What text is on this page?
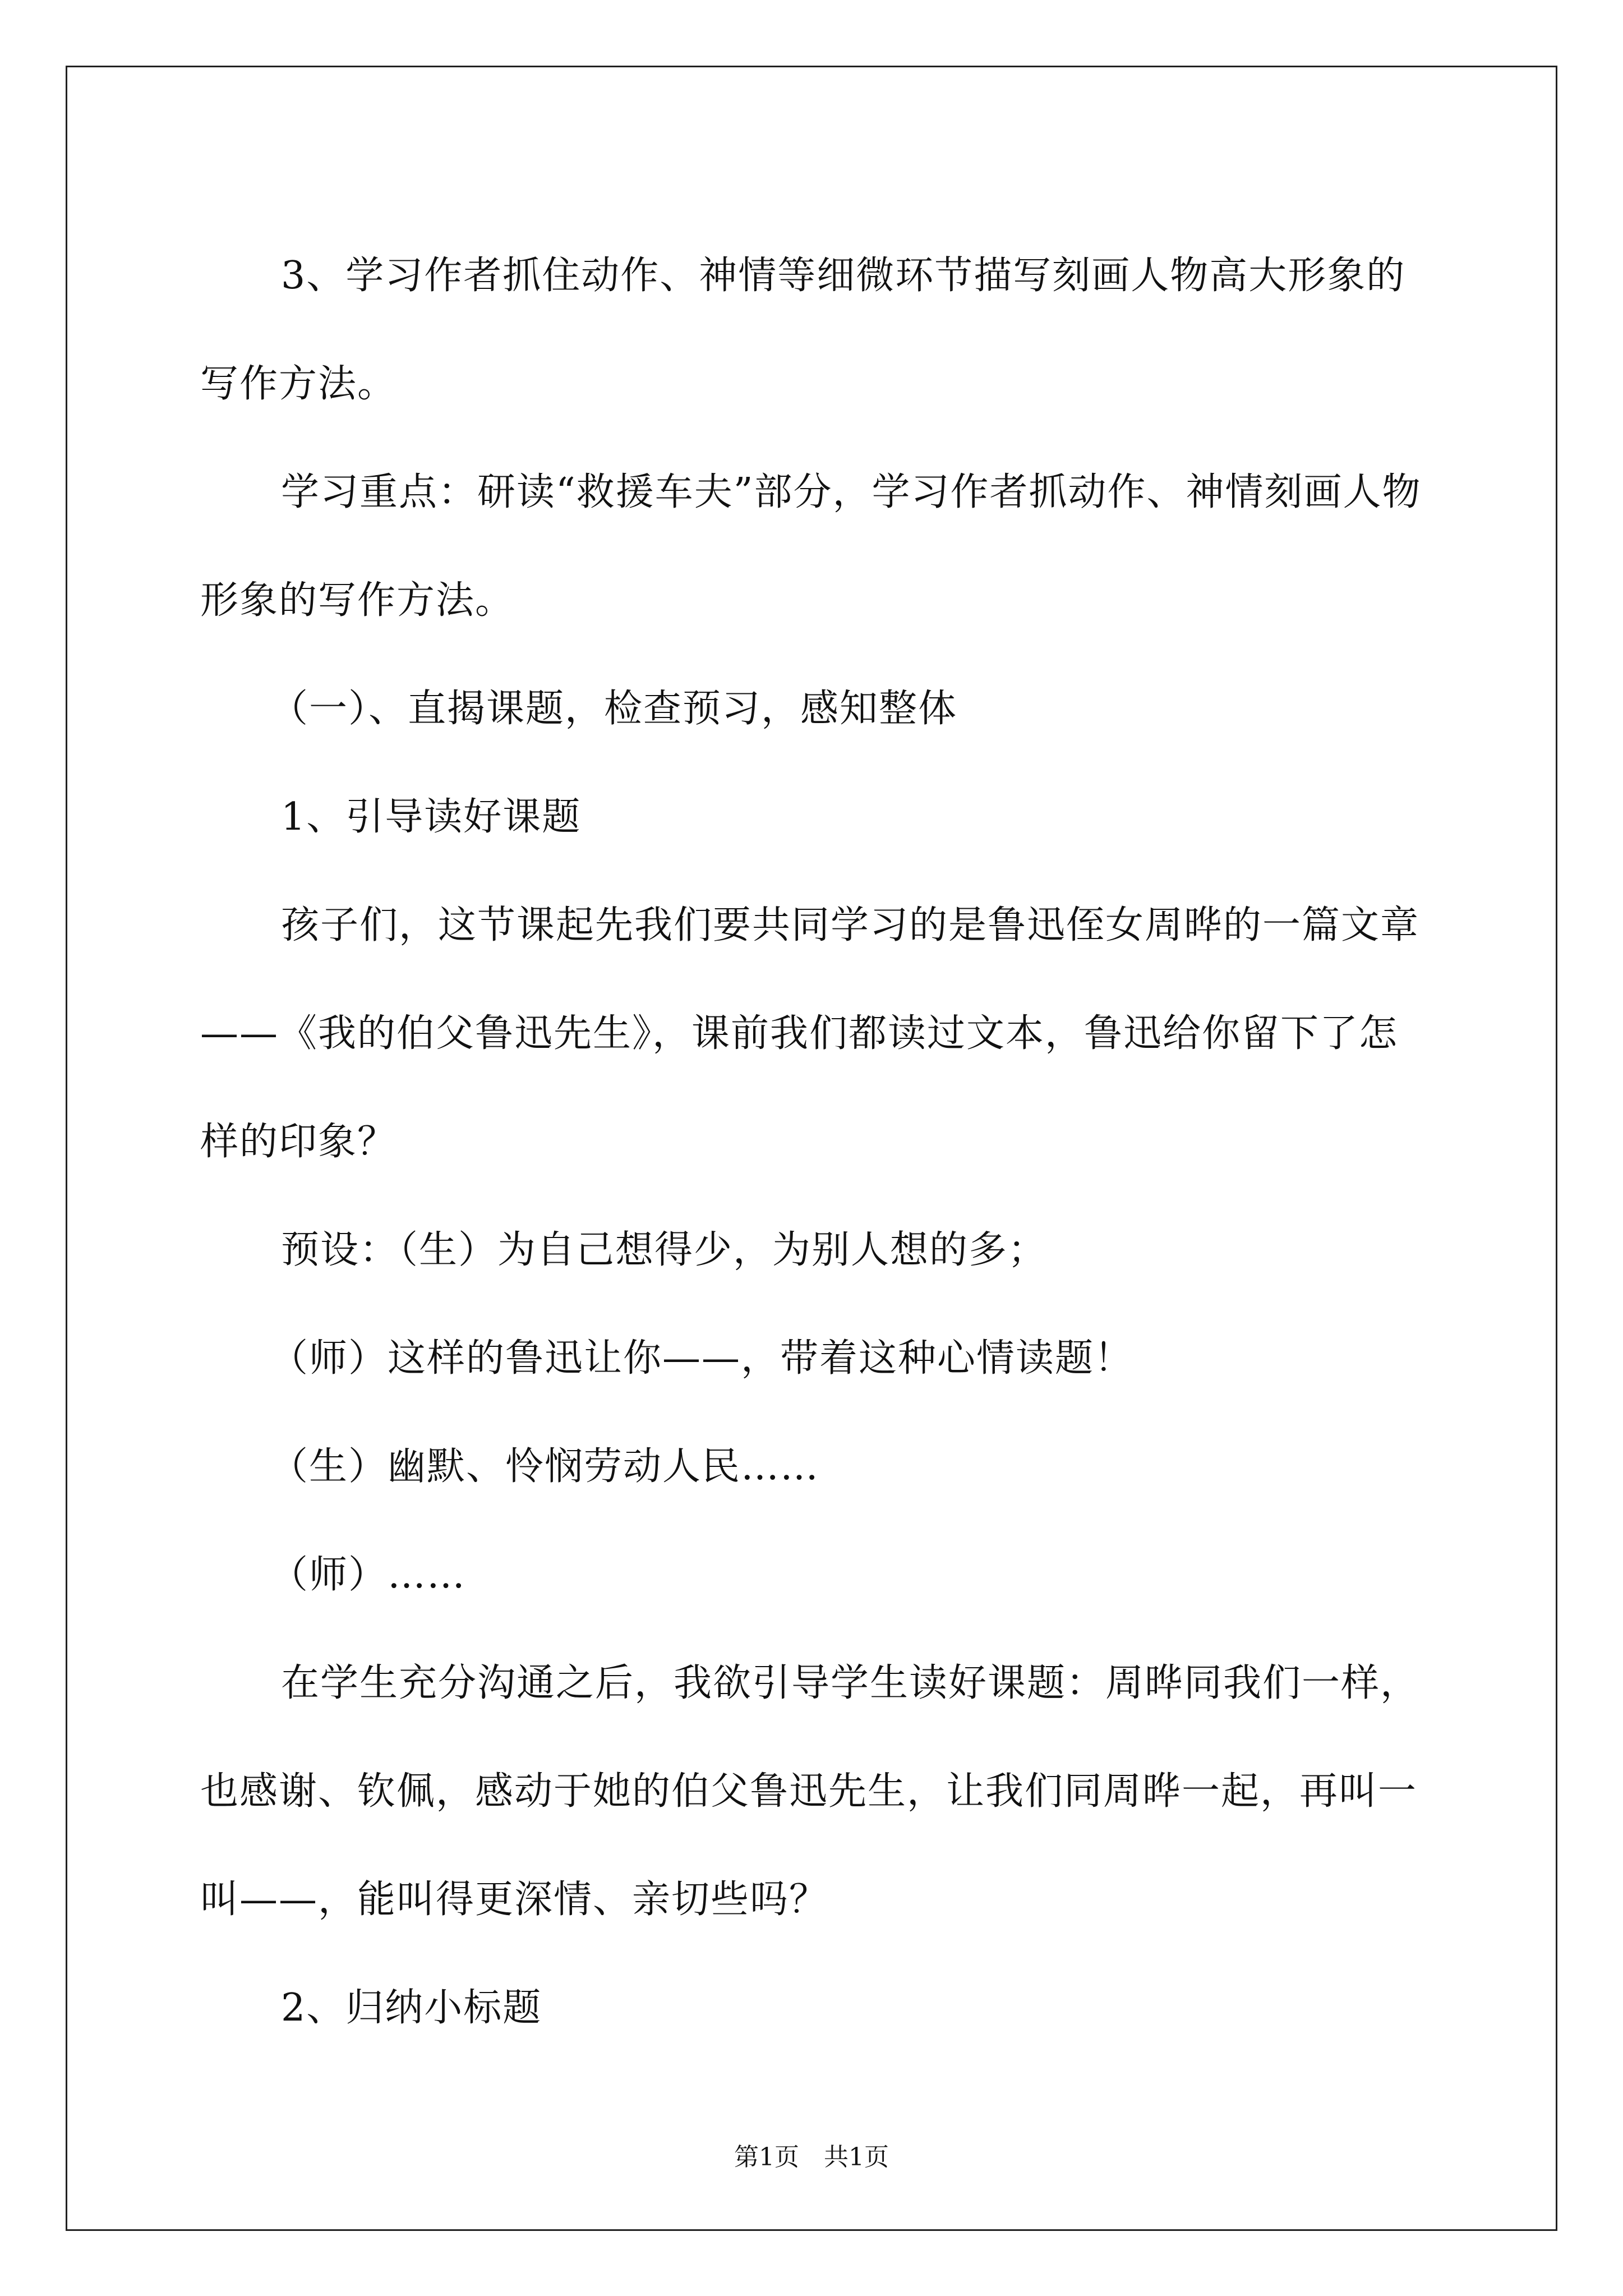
3、学习作者抓住动作、神情等细微环节描写刻画人物高大形象的写作方法。

学习重点：研读“救援车夫”部分，学习作者抓动作、神情刻画人物形象的写作方法。

（一）、直揭课题，检查预习，感知整体

1、引导读好课题

孩子们，这节课起先我们要共同学习的是鲁迅侄女周晔的一篇文章——《我的伯父鲁迅先生》，课前我们都读过文本，鲁迅给你留下了怎样的印象？

预设：（生）为自己想得少，为别人想的多；

（师）这样的鲁迅让你——，带着这种心情读题！

（生）幽默、怜悯劳动人民……

（师）……

在学生充分沟通之后，我欲引导学生读好课题：周晔同我们一样，也感谢、钦佩，感动于她的伯父鲁迅先生，让我们同周晔一起，再叫一叫——，能叫得更深情、亲切些吗？

2、归纳小标题

第1页　共1页
